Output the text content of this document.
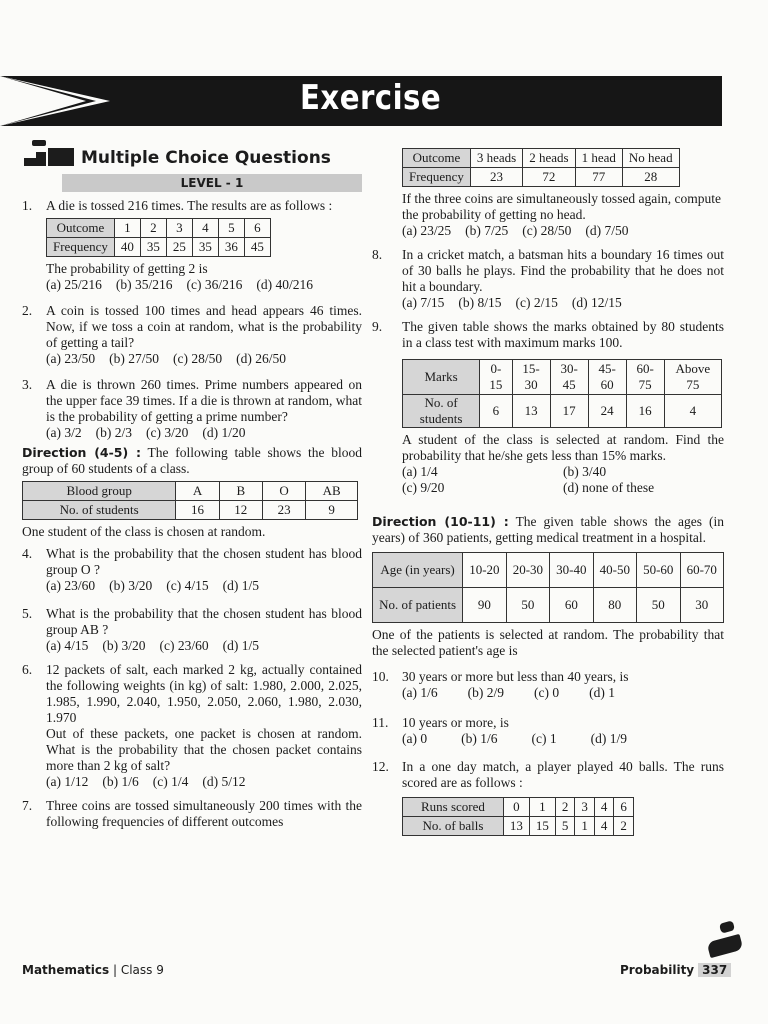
Exercise
Multiple Choice Questions
LEVEL - 1
1. A die is tossed 216 times. The results are as follows :
Outcome	1	2	3	4	5	6
Frequency	40	35	25	35	36	45
The probability of getting 2 is
(a) 25/216 (b) 35/216 (c) 36/216 (d) 40/216
2. A coin is tossed 100 times and head appears 46 times. Now, if we toss a coin at random, what is the probability of getting a tail?
(a) 23/50 (b) 27/50 (c) 28/50 (d) 26/50
3. A die is thrown 260 times. Prime numbers appeared on the upper face 39 times. If a die is thrown at random, what is the probability of getting a prime number?
(a) 3/2 (b) 2/3 (c) 3/20 (d) 1/20
Direction (4-5) : The following table shows the blood group of 60 students of a class.
Blood group	A	B	O	AB
No. of students	16	12	23	9
One student of the class is chosen at random.
4. What is the probability that the chosen student has blood group O ?
(a) 23/60 (b) 3/20 (c) 4/15 (d) 1/5
5. What is the probability that the chosen student has blood group AB ?
(a) 4/15 (b) 3/20 (c) 23/60 (d) 1/5
6. 12 packets of salt, each marked 2 kg, actually contained the following weights (in kg) of salt: 1.980, 2.000, 2.025, 1.985, 1.990, 2.040, 1.950, 2.050, 2.060, 1.980, 2.030, 1.970
Out of these packets, one packet is chosen at random. What is the probability that the chosen packet contains more than 2 kg of salt?
(a) 1/12 (b) 1/6 (c) 1/4 (d) 5/12
7. Three coins are tossed simultaneously 200 times with the following frequencies of different outcomes
Outcome	3 heads	2 heads	1 head	No head
Frequency	23	72	77	28
If the three coins are simultaneously tossed again, compute the probability of getting no head.
(a) 23/25 (b) 7/25 (c) 28/50 (d) 7/50
8. In a cricket match, a batsman hits a boundary 16 times out of 30 balls he plays. Find the probability that he does not hit a boundary.
(a) 7/15 (b) 8/15 (c) 2/15 (d) 12/15
9. The given table shows the marks obtained by 80 students in a class test with maximum marks 100.
Marks	0-15	15-30	30-45	45-60	60-75	Above 75
No. of students	6	13	17	24	16	4
A student of the class is selected at random. Find the probability that he/she gets less than 15% marks.
(a) 1/4	(b) 3/40
(c) 9/20	(d) none of these
Direction (10-11) : The given table shows the ages (in years) of 360 patients, getting medical treatment in a hospital.
Age (in years)	10-20	20-30	30-40	40-50	50-60	60-70
No. of patients	90	50	60	80	50	30
One of the patients is selected at random. The probability that the selected patient's age is
10. 30 years or more but less than 40 years, is
(a) 1/6 (b) 2/9 (c) 0 (d) 1
11. 10 years or more, is
(a) 0	(b) 1/6	(c) 1	(d) 1/9
12. In a one day match, a player played 40 balls. The runs scored are as follows :
Runs scored	0	1	2	3	4	6
No. of balls	13	15	5	1	4	2
Mathematics | Class 9	Probability 337
